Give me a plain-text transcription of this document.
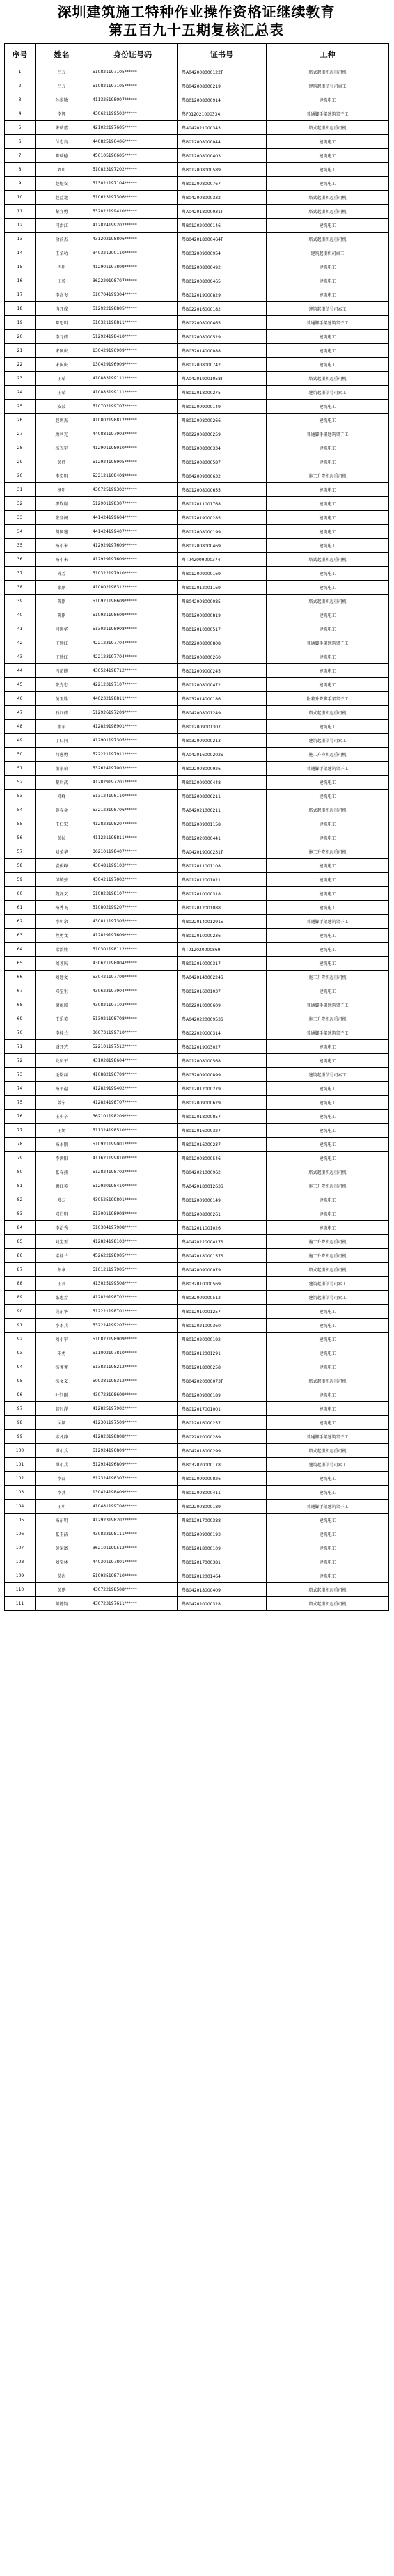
深圳建筑施工特种作业操作资格证继续教育
第五百九十五期复核汇总表
序号	姓名	身份证号码	证书号	工种
1	吕万	510821197105******	粤A042008000122T	塔式起重机起重司机
2	吕万	510821197105******	粤B042008000219	建筑起重信号司索工
3	孙翠敬	411325198007******	粤B012008000914	建筑电工
4	李辉	430621199503******	粤F012021000334	普通脚手架建筑架子工
5	朱晗蕾	421022197605******	粤A042021000343	塔式起重机起重司机
6	付忠良	440825196406******	粤B012008000044	建筑电工
7	陈瑞德	450105196605******	粤B012008000403	建筑电工
8	刘明	510823197202******	粤B012008000589	建筑电工
9	赵煜安	513021197104******	粤B012008000767	建筑电工
10	赵益龙	510623197306******	粤B042008000332	塔式起重机起重司机
11	黎宜勇	532822199410******	粤A042018000031T	塔式起重机起重司机
12	闫治江	412824199202******	粤B012020000146	建筑电工
13	俞前杰	431202198806******	粤B042018000464T	塔式起重机起重司机
14	王荣功	340321200110******	粤B032009000954	建筑起重机司索工
15	冉明	412901197809******	粤B012008000492	建筑电工
16	田毅	362229198707******	粤B012008000465	建筑电工
17	李高飞	510704199304******	粤B012019000829	建筑电工
18	冉开成	512922198805******	粤B022016000182	建筑起重信号司索工
19	陈思明	510321198811******	粤B022008000465	普通脚手架建筑架子工
20	李元伟	512924198410******	粤B012008000529	建筑电工
21	宋国庆	130429196909******	粤B032014000088	建筑电工
22	宋国庆	130429196909******	粤B012008000742	建筑电工
23	王晴	410883199111******	粤A042019001058T	塔式起重机起重司机
24	王晴	410883199111******	粤B012018000275	建筑起重信号司索工
25	安波	510702199707******	粤B012009000149	建筑电工
26	赵世杰	410802198812******	粤B012008000266	建筑电工
27	顾利光	440881197903******	粤B022008000259	普通脚手架建筑架子工
28	杨光军	412901198910******	粤B012008000334	建筑电工
29	黄伟	512924198905******	粤B012008000587	建筑电工
30	李宏明	522121199408******	粤B042009000632	施工升降机起重司机
31	杨明	430725199302******	粤B012008000655	建筑电工
32	缪钦崴	512901198307******	粤B012011001768	建筑电工
33	张登阁	441424199604******	粤B012019000285	建筑电工
34	胡国建	441424199407******	粤B012008000199	建筑电工
35	杨小米	412929197609******	粤B012008000469	建筑电工
36	杨小米	412929197609******	粤T042009000374	塔式起重机起重司机
37	陈芳	510322197910******	粤B012009000169	建筑电工
38	张鹏	410802198312******	粤B012012001169	建筑电工
39	陈刚	510921198609******	粤B042008000085	塔式起重机起重司机
40	陈刚	510921198609******	粤B012008000819	建筑电工
41	何世华	513021198908******	粤B012010000517	建筑电工
42	丁建红	422123197704******	粤B022008000808	普通脚手架建筑架子工
43	丁建红	422123197704******	粤B012008000260	建筑电工
44	冯超能	430524198712******	粤B012009000245	建筑电工
45	张先忠	422123197107******	粤B012008000472	建筑电工
46	黄玉胜	440232198811******	粤B032014000186	附着升降脚手架架子工
47	石红伟	512926197209******	粤B042008001249	塔式起重机起重司机
48	张军	412829198901******	粤B012009001307	建筑电工
49	丁仁同	412901197305******	粤B032009000213	建筑起重信号司索工
50	荷进勇	522221197911******	粤A042016000202S	施工升降机起重司机
51	董家荣	532624197003******	粤B022008000926	普通脚手架建筑架子工
52	黎后武	412829197201******	粤B012009000448	建筑电工
53	邓峰	513124198110******	粤B012008000211	建筑电工
54	彭春金	532123198706******	粤A042021000211	塔式起重机起重司机
55	王仁宏	412823198207******	粤B012009001158	建筑电工
56	黄拉	411221198811******	粤B012020000441	建筑电工
57	刘荣华	362101198407******	粤A042019000231T	施工升降机起重司机
58	袁俊峰	430481199103******	粤B012011001108	建筑电工
59	邹敬弦	430421197002******	粤B012012001021	建筑电工
60	魏泽义	510823198107******	粤B012010000318	建筑电工
61	杨秀飞	510802199207******	粤B012012001088	建筑电工
62	李明余	430811197305******	粤B022014001291E	普通脚手架建筑架子工
63	程勇文	412829197609******	粤B012010000236	建筑电工
64	梁治胜	510301198112******	粤T012020000869	建筑电工
65	刘才庆	430621198004******	粤B012010000317	建筑电工
66	刘建文	530421197709******	粤A042014000224S	施工升降机起重司机
67	邓宝生	430623197904******	粤B012016001037	建筑电工
68	谢丽琼	430821197103******	粤B022010000609	普通脚手架建筑架子工
69	王乐美	513021198708******	粤A042022000953S	施工升降机起重司机
70	李桂兰	360731199710******	粤B022020000314	普通脚手架建筑架子工
71	潘开艺	522101197512******	粤B012019003027	建筑电工
72	龙和平	431028198604******	粤B012008000568	建筑电工
73	毛铭磊	410882196709******	粤B032009000899	建筑起重信号司索工
74	杨平福	412829199402******	粤B012012000279	建筑电工
75	曾宁	412824198707******	粤B012009000629	建筑电工
76	王少辛	362101198209******	粤B012018000857	建筑电工
77	王嫣	511324198510******	粤B012016000327	建筑电工
78	杨永刚	510921199001******	粤B012016000237	建筑电工
79	李满阳	411621199810******	粤B012008000546	建筑电工
80	张春燕	512824198702******	粤B042021000962	塔式起重机起重司机
81	颜红英	512920198410******	粤A042018001263S	施工升降机起重司机
82	郑云	430525199801******	粤B012009000149	建筑电工
83	邓启明	513001198908******	粤B012008000261	建筑电工
84	李治秀	510304197908******	粤B012011001026	建筑电工
85	刘宝玉	412824198103******	粤A042022000417S	施工升降机起重司机
86	梁桂兰	452622198905******	粤B042018000157S	施工升降机起重司机
87	彭章	510121197905******	粤B042009000079	塔式起重机起重司机
88	王晋	413025199508******	粤B032010000569	建筑起重信号司索工
89	张惠芳	412829198702******	粤B032009000512	建筑起重信号司索工
90	吴东华	512221198701******	粤B012010001257	建筑电工
91	李永兵	532224199207******	粤B012021000360	建筑电工
92	刘小军	510827198909******	粤B012020000192	建筑电工
93	朱勇	511002197810******	粤B012012001291	建筑电工
94	杨菁菁	513821198212******	粤B012018000258	建筑电工
95	杨文义	500381198312******	粤B042020000073T	塔式起重机起重司机
96	叶钊刚	430723198609******	粤B012009000189	建筑电工
97	韩冠洋	412825197902******	粤B012017001001	建筑电工
98	吴颖	412301197509******	粤B012016000257	建筑电工
99	席凡静	412823198808******	粤B022020000289	普通脚手架建筑架子工
100	谭小兵	512924196809******	粤B042018000299	塔式起重机起重司机
101	谭小兵	512924196809******	粤B032020000178	建筑起重信号司索工
102	李磊	612324198307******	粤B012009000826	建筑电工
103	李燕	130424198409******	粤B012008000411	建筑电工
104	王明	410481199708******	粤B022008000189	普通脚手架建筑架子工
105	杨东明	412923198202******	粤B012017000388	建筑电工
106	张玉洁	430823198111******	粤B012009000193	建筑电工
107	黄家富	362101199512******	粤B012018000109	建筑电工
108	刘宝林	440301197801******	粤B012017000381	建筑电工
109	莫海	510925198710******	粤B012012001464	建筑电工
110	黄鹏	430722198508******	粤B042018000409	塔式起重机起重司机
111	颜懿钧	430723197611******	粤B042020000328	塔式起重机起重司机
